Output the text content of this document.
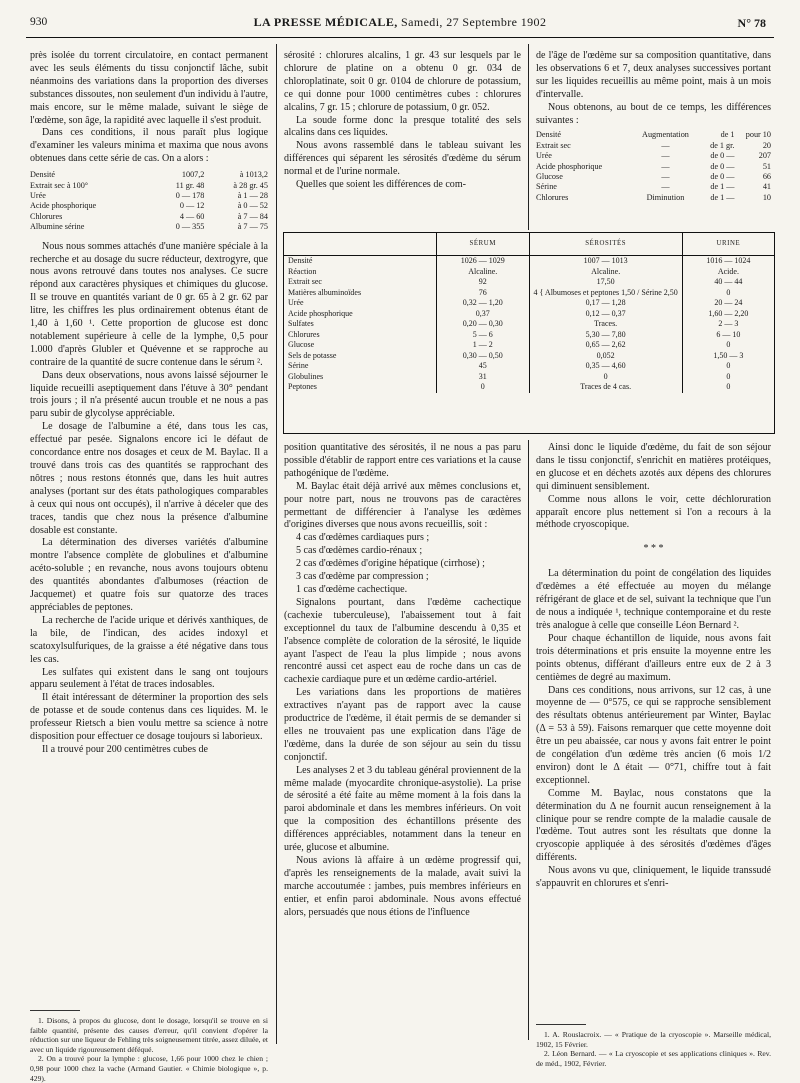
930	LA PRESSE MÉDICALE, Samedi, 27 Septembre 1902	N° 78

près isolée du torrent circulatoire, en contact permanent avec les seuls éléments du tissu conjonctif lâche, subit néanmoins des variations dans la proportion des diverses substances dissoutes, non seulement d'un individu à l'autre, mais encore, sur le même malade, suivant le siège de l'œdème, son âge, la rapidité avec laquelle il s'est produit.

Dans ces conditions, il nous paraît plus logique d'examiner les valeurs minima et maxima que nous avons obtenues dans cette série de cas. On a alors :

Densité	1007,2	à 1013,2
Extrait sec à 100°	11 gr. 48	à 28 gr. 45
Urée	0 — 178	à 1 — 28
Acide phosphorique	0 — 12	à 0 — 52
Chlorures	4 — 60	à 7 — 84
Albumine sérine	0 — 355	à 7 — 75

Nous nous sommes attachés d'une manière spéciale à la recherche et au dosage du sucre réducteur, dextrogyre, que nous avons retrouvé dans toutes nos analyses. Ce sucre répond aux caractères physiques et chimiques du glucose. Il se trouve en quantités variant de 0 gr. 65 à 2 gr. 62 par litre, les chiffres les plus ordinairement obtenus étant de 1,40 à 1,60 ¹. Cette proportion de glucose est donc notablement supérieure à celle de la lymphe, 0,5 pour 1.000 d'après Glubler et Quévenne et se rapproche au contraire de la quantité de sucre contenue dans le sérum ².

Dans deux observations, nous avons laissé séjourner le liquide recueilli aseptiquement dans l'étuve à 30° pendant trois jours ; il n'a présenté aucun trouble et ne nous a pas paru subir de glycolyse appréciable.

Le dosage de l'albumine a été, dans tous les cas, effectué par pesée. Signalons encore ici le défaut de concordance entre nos dosages et ceux de M. Baylac. Il a trouvé dans trois cas des quantités se rapprochant des nôtres ; nous restons étonnés que, dans les huit autres analyses (portant sur des états pathologiques comparables à ceux qui nous ont occupés), il n'arrive à déceler que des traces, tandis que chez nous la présence d'albumine dosable est constante.

La détermination des diverses variétés d'albumine montre l'absence complète de globulines et d'albumine acéto-soluble ; en revanche, nous avons toujours obtenu des quantités abondantes d'albumoses (réaction de Jacquemet) et quatre fois sur quatorze des traces appréciables de peptones.

La recherche de l'acide urique et dérivés xanthiques, de la bile, de l'indican, des acides indoxyl et scatoxylsulfuriques, de la graisse a été négative dans tous les cas.

Les sulfates qui existent dans le sang ont toujours apparu seulement à l'état de traces indosables.

Il était intéressant de déterminer la proportion des sels de potasse et de soude contenus dans ces liquides. M. le professeur Rietsch a bien voulu mettre sa science à notre disposition pour effectuer ce dosage toujours si laborieux.

Il a trouvé pour 200 centimètres cubes de

1. Disons, à propos du glucose, dont le dosage, lorsqu'il se trouve en si faible quantité, présente des causes d'erreur, qu'il convient d'opérer la réduction sur une liqueur de Fehling très soigneusement titrée, assez diluée, et avec un liquide rigoureusement déféqué.

2. On a trouvé pour la lymphe : glucose, 1,66 pour 1000 chez le chien ; 0,98 pour 1000 chez la vache (Armand Gautier. « Chimie biologique », p. 429).

sérosité : chlorures alcalins, 1 gr. 43 sur lesquels par le chlorure de platine on a obtenu 0 gr. 034 de chloroplatinate, soit 0 gr. 0104 de chlorure de potassium, ce qui donne pour 1000 centimètres cubes : chlorures alcalins, 7 gr. 15 ; chlorure de potassium, 0 gr. 052.

La soude forme donc la presque totalité des sels alcalins dans ces liquides.

Nous avons rassemblé dans le tableau suivant les différences qui séparent les sérosités d'œdème du sérum normal et de l'urine normale.

Quelles que soient les différences de com-

de l'âge de l'œdème sur sa composition quantitative, dans les observations 6 et 7, deux analyses successives portant sur les liquides recueillis au même point, mais à un mois d'intervalle.

Nous obtenons, au bout de ce temps, les différences suivantes :

Densité	Augmentation	de 1	pour 10
Extrait sec	—	de 1 gr.	20
Urée	—	de 0 —	207
Acide phosphorique	—	de 0 —	51
Glucose	—	de 0 —	66
Sérine	—	de 1 —	41
Chlorures	Diminution	de 1 —	10
	SÉRUM	SÉROSITÉS	URINE
Densité	1026 — 1029	1007 — 1013	1016 — 1024
Réaction	Alcaline.	Alcaline.	Acide.
Extrait sec	92	17,50	40 — 44
Matières albuminoïdes	76	4 { Albumoses et peptones 1,50 / Sérine 2,50	0
Urée	0,32 — 1,20	0,17 — 1,28	20 — 24
Acide phosphorique	0,37	0,12 — 0,37	1,60 — 2,20
Sulfates	0,20 — 0,30	Traces.	2 — 3
Chlorures	5 — 6	5,30 — 7,80	6 — 10
Glucose	1 — 2	0,65 — 2,62	0
Sels de potasse	0,30 — 0,50	0,052	1,50 — 3
Sérine	45	0,35 — 4,60	0
Globulines	31	0	0
Peptones	0	Traces de 4 cas.	0

position quantitative des sérosités, il ne nous a pas paru possible d'établir de rapport entre ces variations et la cause pathogénique de l'œdème.

M. Baylac était déjà arrivé aux mêmes conclusions et, pour notre part, nous ne trouvons pas de caractères permettant de différencier à l'analyse les œdèmes d'origines diverses que nous avons recueillis, soit :

4 cas d'œdèmes cardiaques purs ;

5 cas d'œdèmes cardio-rénaux ;

2 cas d'œdèmes d'origine hépatique (cirrhose) ;

3 cas d'œdème par compression ;

1 cas d'œdème cachectique.

Signalons pourtant, dans l'œdème cachectique (cachexie tuberculeuse), l'abaissement tout à fait exceptionnel du taux de l'albumine descendu à 0,35 et l'absence complète de coloration de la sérosité, le liquide ayant l'aspect de l'eau la plus limpide ; nous avons rencontré aussi cet aspect eau de roche dans un cas de cachexie cardiaque pure et un œdème cardio-artériel.

Les variations dans les proportions de matières extractives n'ayant pas de rapport avec la cause productrice de l'œdème, il était permis de se demander si elles ne trouvaient pas une explication dans l'âge de l'œdème, dans la durée de son séjour au sein du tissu conjonctif.

Les analyses 2 et 3 du tableau général proviennent de la même malade (myocardite chronique-asystolie). La prise de sérosité a été faite au même moment à la fois dans la paroi abdominale et dans les membres inférieurs. On voit que la composition des échantillons présente des différences appréciables, notamment dans la teneur en urée, glucose et albumine.

Nous avions là affaire à un œdème progressif qui, d'après les renseignements de la malade, avait suivi la marche accoutumée : jambes, puis membres inférieurs en entier, et enfin paroi abdominale. Nous avons effectué alors, persuadés que nous étions de l'influence

Ainsi donc le liquide d'œdème, du fait de son séjour dans le tissu conjonctif, s'enrichit en matières protéiques, en glucose et en déchets azotés aux dépens des chlorures qui diminuent sensiblement.

Comme nous allons le voir, cette déchloruration apparaît encore plus nettement si l'on a recours à la méthode cryoscopique.

* * *

La détermination du point de congélation des liquides d'œdèmes a été effectuée au moyen du mélange réfrigérant de glace et de sel, suivant la technique que l'un de nous a indiquée ¹, technique contemporaine et du reste très analogue à celle que conseille Léon Bernard ².

Pour chaque échantillon de liquide, nous avons fait trois déterminations et pris ensuite la moyenne entre les points obtenus, différant d'ailleurs entre eux de 2 à 3 centièmes de degré au maximum.

Dans ces conditions, nous arrivons, sur 12 cas, à une moyenne de — 0°575, ce qui se rapproche sensiblement des résultats obtenus antérieurement par Winter, Baylac (Δ = 53 à 59). Faisons remarquer que cette moyenne doit être un peu abaissée, car nous y avons fait entrer le point de congélation d'un œdème très ancien (6 mois 1/2 environ) dont le Δ était — 0°71, chiffre tout à fait exceptionnel.

Comme M. Baylac, nous constatons que la détermination du Δ ne fournit aucun renseignement à la clinique pour se rendre compte de la maladie causale de l'œdème. Tout autres sont les résultats que donne la cryoscopie appliquée à des sérosités d'œdèmes d'âges différents.

Nous avons vu que, cliniquement, le liquide transsudé s'appauvrit en chlorures et s'enri-

1. A. Rouslacroix. — « Pratique de la cryoscopie ». Marseille médical, 1902, 15 Février.

2. Léon Bernard. — « La cryoscopie et ses applications cliniques ». Rev. de méd., 1902, Février.
